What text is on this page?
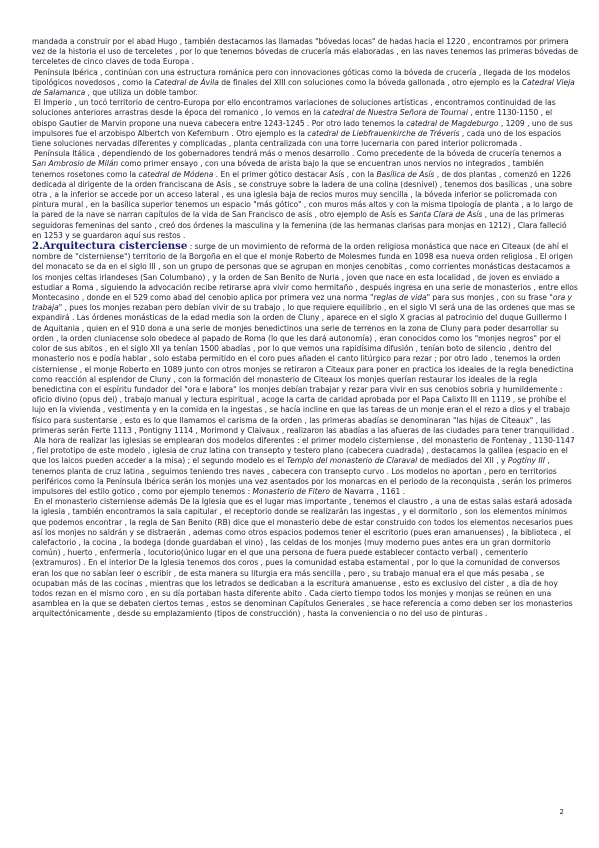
mandada a construir por el abad Hugo , también destacamos las llamadas "bóvedas locas" de hadas hacia el 1220 , encontramos por primera vez de la historia el uso de terceletes , por lo que tenemos bóvedas de crucería más elaboradas , en las naves tenemos las primeras bóvedas de terceletes de cinco claves de toda Europa .

Península Ibérica , continúan con una estructura románica pero con innovaciones góticas como la bóveda de crucería , llegada de los modelos tipológicos novedosos , como la Catedral de Ávila de finales del XIII con soluciones como la bóveda gallonada , otro ejemplo es la Catedral Vieja de Salamanca , que utiliza un doble tambor.

El Imperio , un tocó territorio de centro-Europa por ello encontramos variaciones de soluciones artísticas , encontramos continuidad de las soluciones anteriores arrastras desde la época del romanico , lo vemos en la catedral de Nuestra Señora de Tournai , entre 1130-1150 , el obispo Gautier de Marvin propone una nueva cabecera entre 1243-1245 . Por otro lado tenemos la catedral de Magdeburgo , 1209 , uno de sus impulsores fue el arzobispo Albertch von Kefernburn . Otro ejemplo es la catedral de Liebfrauenkirche de Tréveris , cada uno de los espacios tiene soluciones nervadas diferentes y complicadas , planta centralizada con una torre lucernaria con pared interior policromada .

Península Itálica , dependiendo de los gobernadores tendrá más o menos desarrollo . Como precedente de la bóveda de crucería tenemos a San Ambrosio de Milán como primer ensayo , con una bóveda de arista bajo la que se encuentran unos nervios no integrados , también tenemos rosetones como la catedral de Módena . En el primer gótico destacar Asís , con la Basílica de Asís , de dos plantas , comenzó en 1226 dedicada al dirigente de la orden franciscana de Asís , se construye sobre la ladera de una colina (desnivel) , tenemos dos basílicas , una sobre otra , a la inferior se accede por un acceso lateral , es una iglesia baja de recios muros muy sencilla , la bóveda inferior se policromada con pintura mural , en la basílica superior tenemos un espacio "más gótico" , con muros más altos y con la misma tipología de planta , a lo largo de la pared de la nave se narran capítulos de la vida de San Francisco de asís , otro ejemplo de Asís es Santa Clara de Asís , una de las primeras seguidoras femeninas del santo , creó dos órdenes la masculina y la femenina (de las hermanas clarisas para monjas en 1212) , Clara falleció en 1253 y se guardaron aquí sus restos .

2.Arquitectura cisterciense : surge de un movimiento de reforma de la orden religiosa monástica que nace en Citeaux (de ahí el nombre de "cisterniense") territorio de la Borgoña en el que el monje Roberto de Molesmes funda en 1098 esa nueva orden religiosa . El origen del monacato se da en el siglo III , son un grupo de personas que se agrupan en monjes cenobitas , como corrientes monásticas destacamos a los monjes celtas irlandeses (San Columbano) , y la orden de San Benito de Nuria , joven que nace en esta localidad , de joven es enviado a estudiar a Roma , siguiendo la advocación recibe retirarse apra vivir como hermitaño , después ingresa en una serie de monasterios , entre ellos Montecasino , donde en el 529 como abad del cenobio aplica por primera vez una norma "reglas de vida" para sus monjes , con su frase "ora y trabaja" , pues los monjes rezaban pero debían vivir de su trabajo , lo que requiere equilibrio , en el siglo VI será una de las ordenes que mas se expandirá . Las órdenes monásticas de la edad media son la orden de Cluny , aparece en el siglo X gracias al patrocinio del duque Guillermo I de Aquitania , quien en el 910 dona a una serie de monjes benedictinos una serie de terrenos en la zona de Cluny para poder desarrollar su orden , la orden cluniacense solo obedece al papado de Roma (lo que les dará autonomía) , eran conocidos como los "monjes negros" por el color de sus abitos , en el siglo XII ya tenían 1500 abadías , por lo que vemos una rapidísima difusión , tenían boto de silencio , dentro del monasterio nos e podía hablar , solo estaba permitido en el coro pues añaden el canto litúrgico para rezar ; por otro lado , tenemos la orden cisterniense , el monje Roberto en 1089 junto con otros monjes se retiraron a Citeaux para poner en practica los ideales de la regla benedictina como reacción al esplendor de Cluny , con la formación del monasterio de Citeaux los monjes querían restaurar los ideales de la regla benedictina con el espíritu fundador del "ora e labora" los monjes debían trabajar y rezar para vivir en sus cenobios sobria y humildemente : oficio divino (opus dei) , trabajo manual y lectura espiritual , acoge la carta de caridad aprobada por el Papa Calixto III en 1119 , se prohíbe el lujo en la vivienda , vestimenta y en la comida en la ingestas , se hacía incline en que las tareas de un monje eran el el rezo a dios y el trabajo físico para sustentarse , esto es lo que llamamos el carisma de la orden , las primeras abadías se denominaran "las hijas de Citeaux" , las primeras serán Ferte 1113 , Pontigny 1114 , Morimond y Claivaux , realizaron las abadías a las afueras de las ciudades para tener tranquilidad .

Ala hora de realizar las iglesias se emplearan dos modelos diferentes : el primer modelo cisterniense , del monasterio de Fontenay , 1130-1147 , fiel prototipo de este modelo , iglesia de cruz latina con transepto y testero plano (cabecera cuadrada) , destacamos la galilea (espacio en el que los laicos pueden acceder a la misa) ; el segundo modelo es el Templo del monasterio de Claraval de mediados del XII , y Pogtiny III , tenemos planta de cruz latina , seguimos teniendo tres naves , cabecera con transepto curvo . Los modelos no aportan , pero en territorios periféricos como la Península Ibérica serán los monjes una vez asentados por los monarcas en el periodo de la reconquista , serán los primeros impulsores del estilo gotico , como por ejemplo tenemos : Monasterio de Fitero de Navarra , 1161 .

En el monasterio cisterniense además De la Iglesia que es el lugar mas importante , tenemos el claustro , a una de estas salas estará adosada la iglesia , también encontramos la sala capitular , el receptorio donde se realizarán las ingestas , y el dormitorio , son los elementos mínimos que podemos encontrar , la regla de San Benito (RB) dice que el monasterio debe de estar construido con todos los elementos necesarios pues así los monjes no saldrán y se distraerán , ademas como otros espacios podemos tener el escritorio (pues eran amanuenses) , la biblioteca , el calefactorio , la cocina , la bodega (donde guardaban el vino) , las celdas de los monjes (muy moderno pues antes era un gran dormitorio común) , huerto , enfermería , locutorio(único lugar en el que una persona de fuera puede establecer contacto verbal) , cementerio (extramuros) . En el interior De la Iglesia tenemos dos coros , pues la comunidad estaba estamental , por lo que la comunidad de conversos eran los que no sabían leer o escribir , de esta manera su liturgia era más sencilla , pero , su trabajo manual era el que más pesaba , se ocupaban más de las cocinas , mientras que los letrados se dedicaban a la escritura amanuense , esto es exclusivo del cister , a día de hoy todos rezan en el mismo coro , en su día portaban hasta diferente abito . Cada cierto tiempo todos los monjes y monjas se reúnen en una asamblea en la que se debaten ciertos temas , estos se denominan Capítulos Generales , se hace referencia a como deben ser los monasterios arquitectónicamente , desde su emplazamiento (tipos de construcción) , hasta la conveniencia o no del uso de pinturas .

2
